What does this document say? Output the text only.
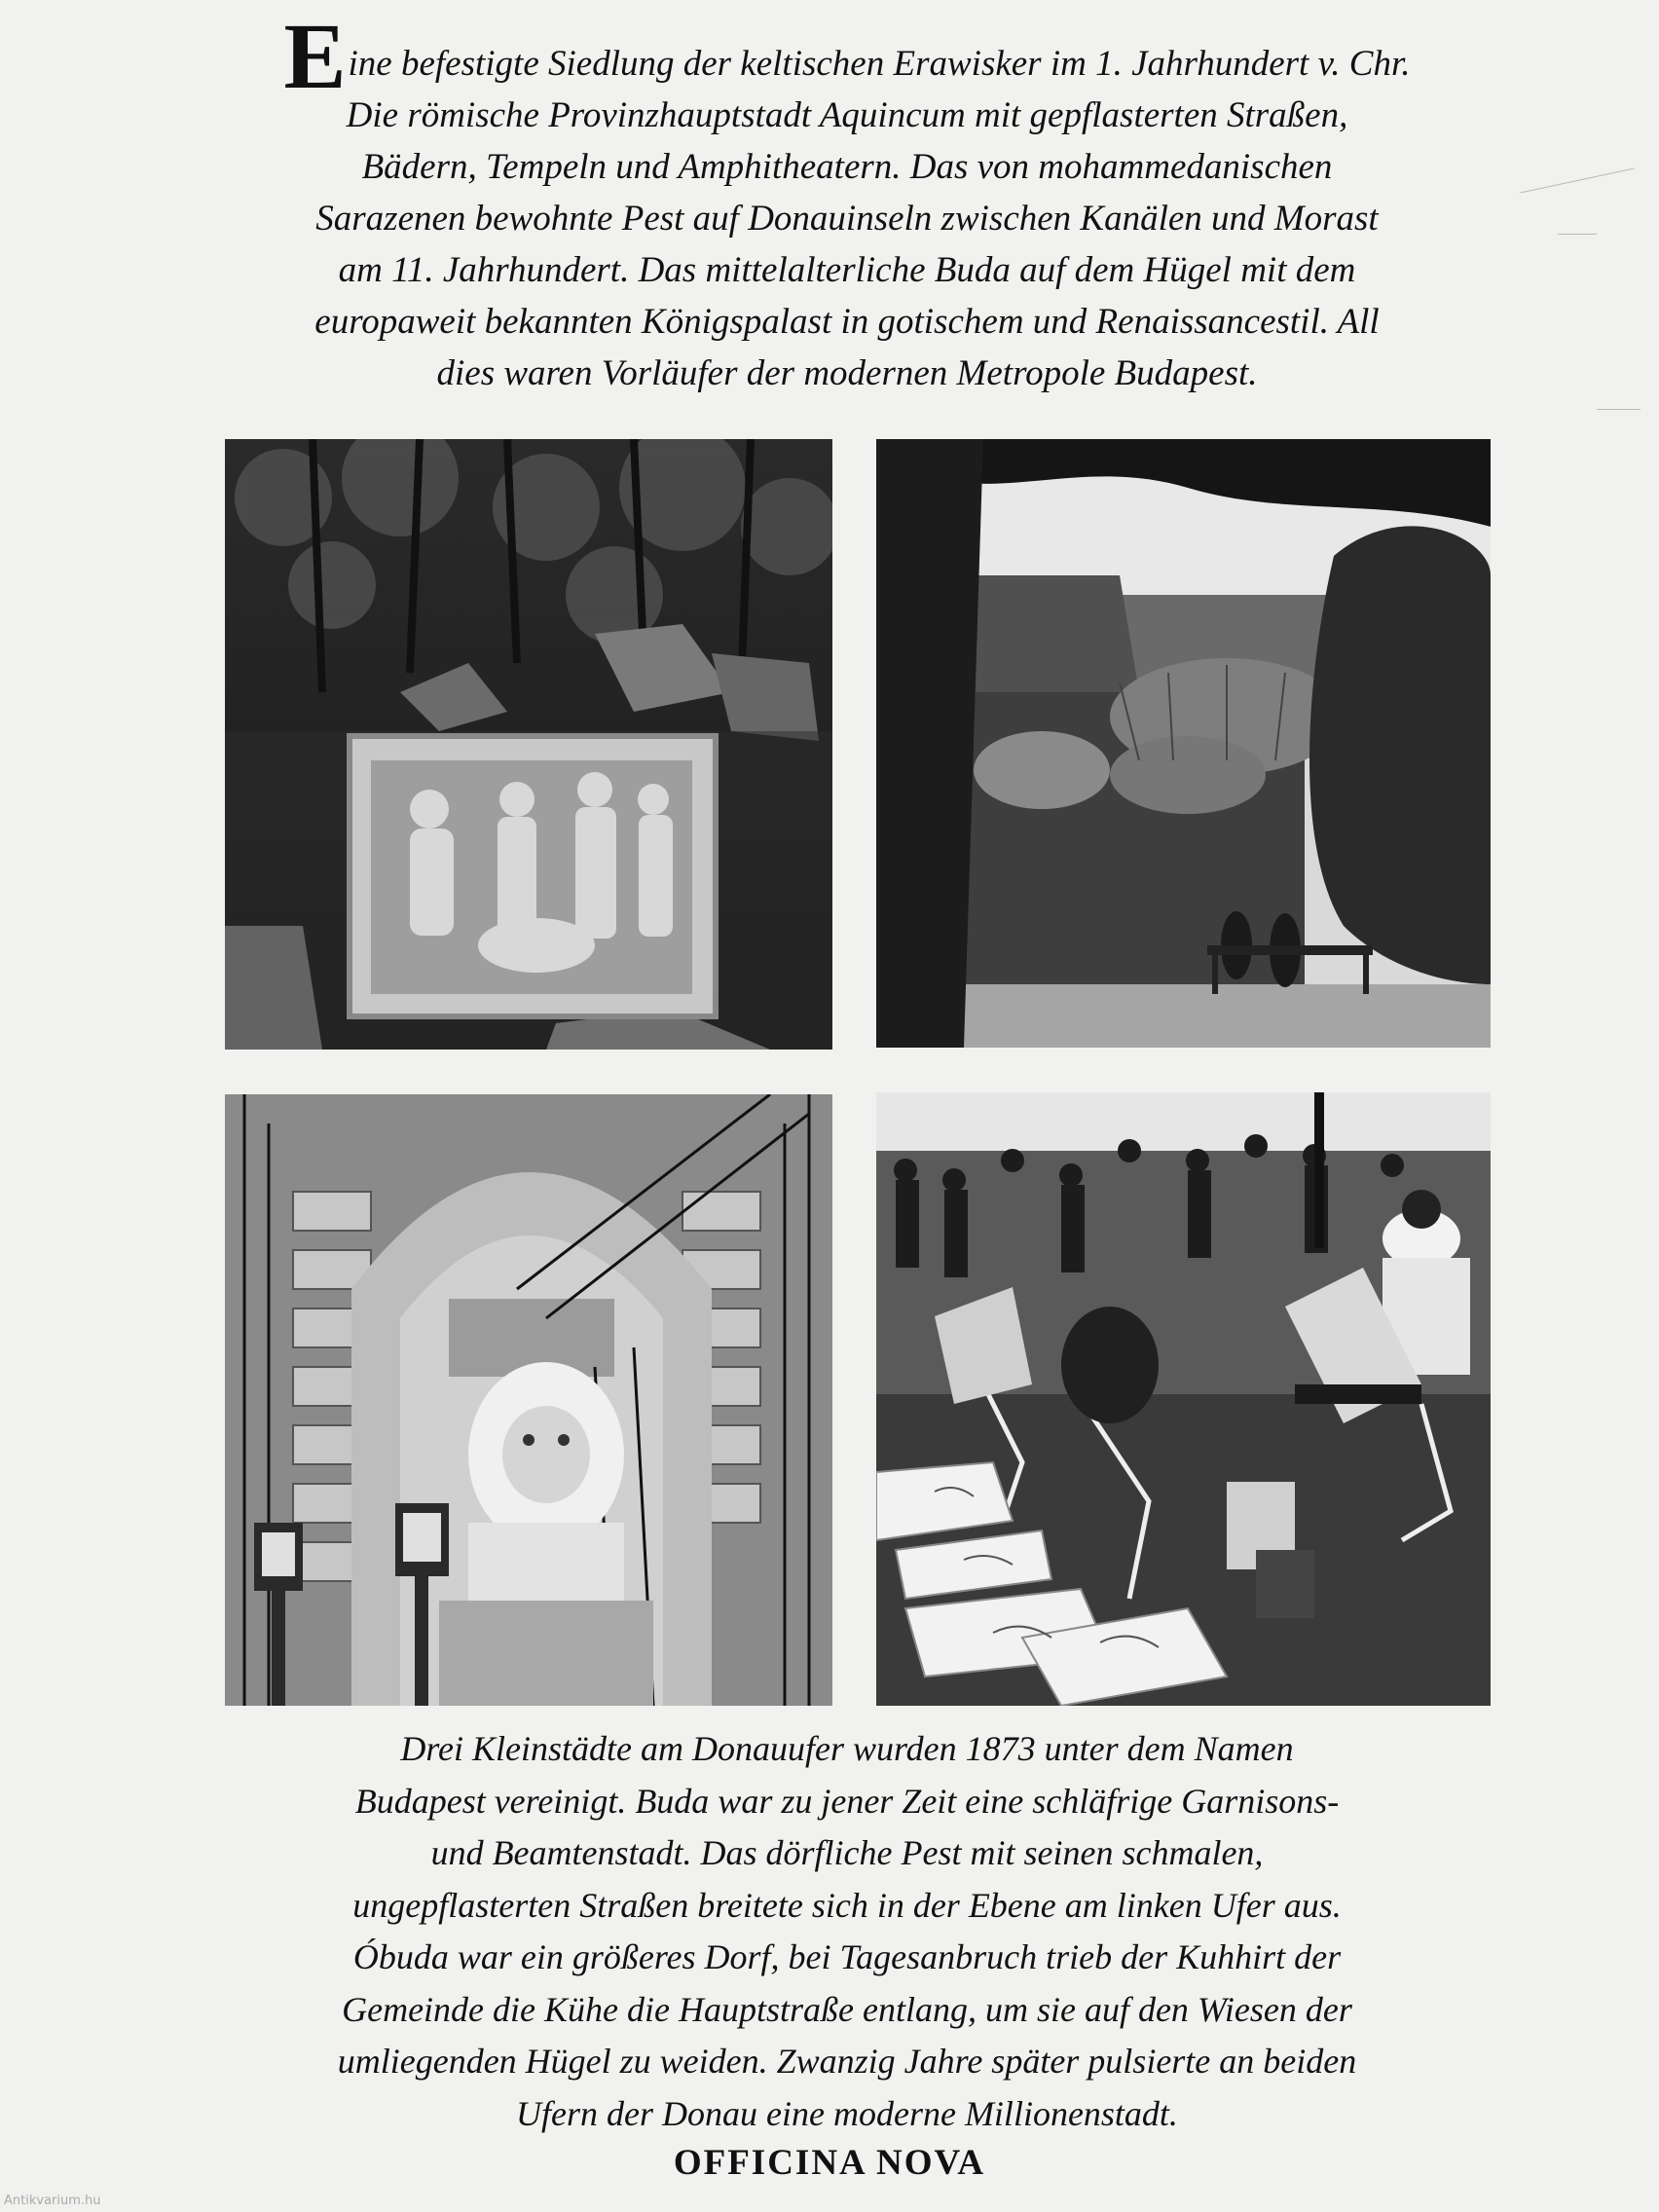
Eine befestigte Siedlung der keltischen Erawisker im 1. Jahrhundert v. Chr.
Die römische Provinzhauptstadt Aquincum mit gepflasterten Straßen,
Bädern, Tempeln und Amphitheatern. Das von mohammedanischen
Sarazenen bewohnte Pest auf Donauinseln zwischen Kanälen und Morast
am 11. Jahrhundert. Das mittelalterliche Buda auf dem Hügel mit dem
europaweit bekannten Königspalast in gotischem und Renaissancestil. All
dies waren Vorläufer der modernen Metropole Budapest.
Drei Kleinstädte am Donauufer wurden 1873 unter dem Namen
Budapest vereinigt. Buda war zu jener Zeit eine schläfrige Garnisons-
und Beamtenstadt. Das dörfliche Pest mit seinen schmalen,
ungepflasterten Straßen breitete sich in der Ebene am linken Ufer aus.
Óbuda war ein größeres Dorf, bei Tagesanbruch trieb der Kuhhirt der
Gemeinde die Kühe die Hauptstraße entlang, um sie auf den Wiesen der
umliegenden Hügel zu weiden. Zwanzig Jahre später pulsierte an beiden
Ufern der Donau eine moderne Millionenstadt.
OFFICINA NOVA
Antikvarium.hu
